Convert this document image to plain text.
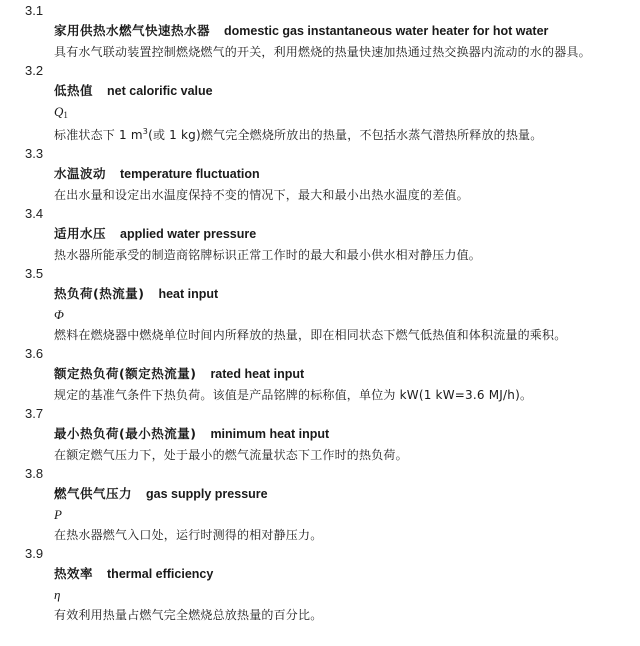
3.1
家用供热水燃气快速热水器 domestic gas instantaneous water heater for hot water
具有水气联动装置控制燃烧燃气的开关，利用燃烧的热量快速加热通过热交换器内流动的水的器具。
3.2
低热值 net calorific value
$Q_1$
标准状态下 1 $m^3$(或 1 kg)燃气完全燃烧所放出的热量，不包括水蒸气潜热所释放的热量。
3.3
水温波动 temperature fluctuation
在出水量和设定出水温度保持不变的情况下，最大和最小出热水温度的差值。
3.4
适用水压 applied water pressure
热水器所能承受的制造商铭牌标识正常工作时的最大和最小供水相对静压力值。
3.5
热负荷(热流量) heat input
Φ
燃料在燃烧器中燃烧单位时间内所释放的热量，即在相同状态下燃气低热值和体积流量的乘积。
3.6
额定热负荷(额定热流量) rated heat input
规定的基准气条件下热负荷。该值是产品铭牌的标称值，单位为 kW(1 kW=3.6 MJ/h)。
3.7
最小热负荷(最小热流量) minimum heat input
在额定燃气压力下，处于最小的燃气流量状态下工作时的热负荷。
3.8
燃气供气压力 gas supply pressure
P
在热水器燃气入口处，运行时测得的相对静压力。
3.9
热效率 thermal efficiency
η
有效利用热量占燃气完全燃烧总放热量的百分比。
